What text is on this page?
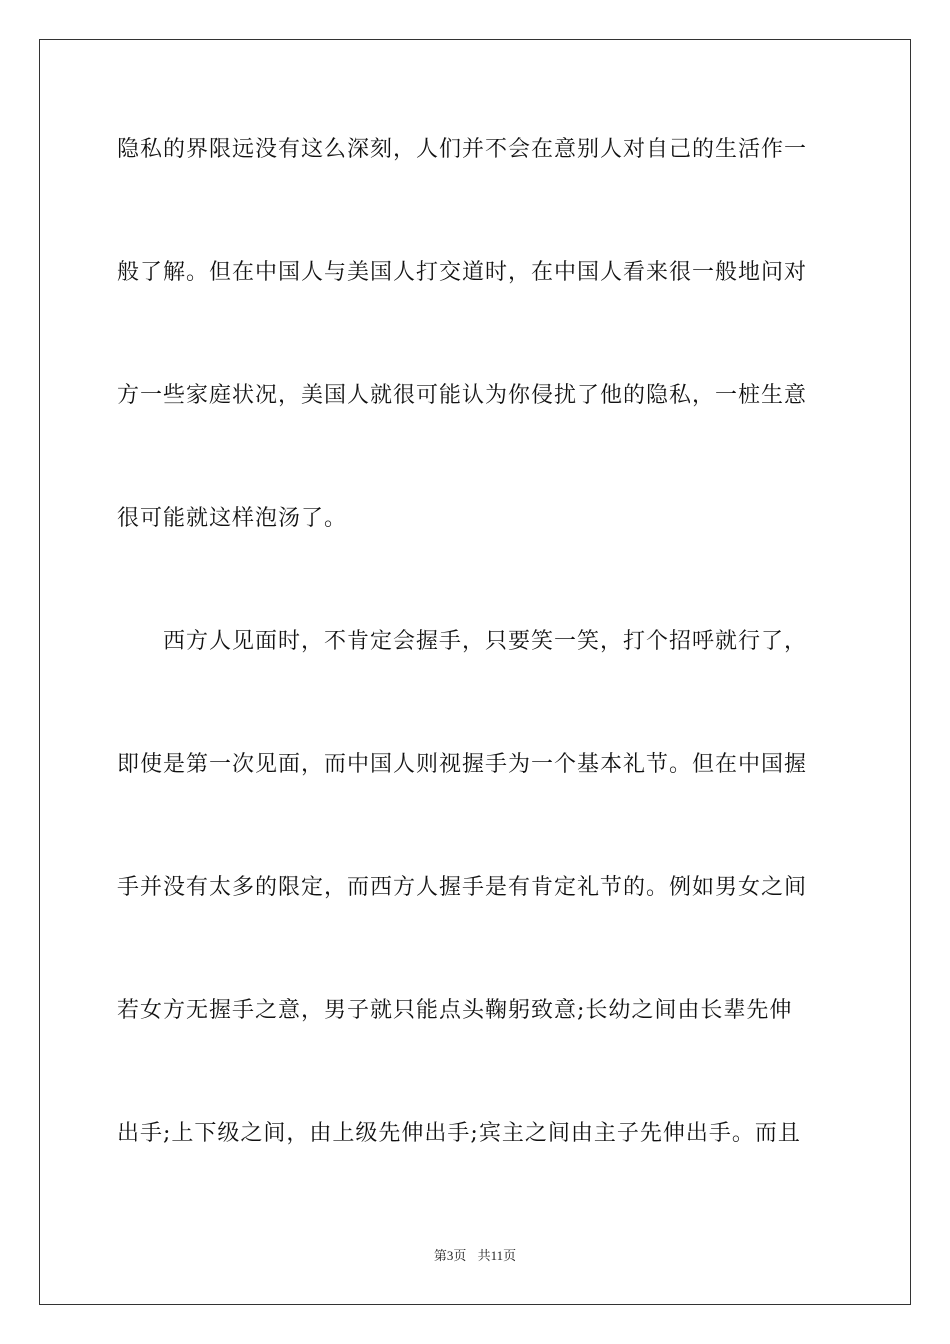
隐私的界限远没有这么深刻，人们并不会在意别人对自己的生活作一
般了解。但在中国人与美国人打交道时，在中国人看来很一般地问对
方一些家庭状况，美国人就很可能认为你侵扰了他的隐私，一桩生意
很可能就这样泡汤了。
　　西方人见面时，不肯定会握手，只要笑一笑，打个招呼就行了，
即使是第一次见面，而中国人则视握手为一个基本礼节。但在中国握
手并没有太多的限定，而西方人握手是有肯定礼节的。例如男女之间
若女方无握手之意，男子就只能点头鞠躬致意;长幼之间由长辈先伸
出手;上下级之间，由上级先伸出手;宾主之间由主子先伸出手。而且
第3页 共11页
